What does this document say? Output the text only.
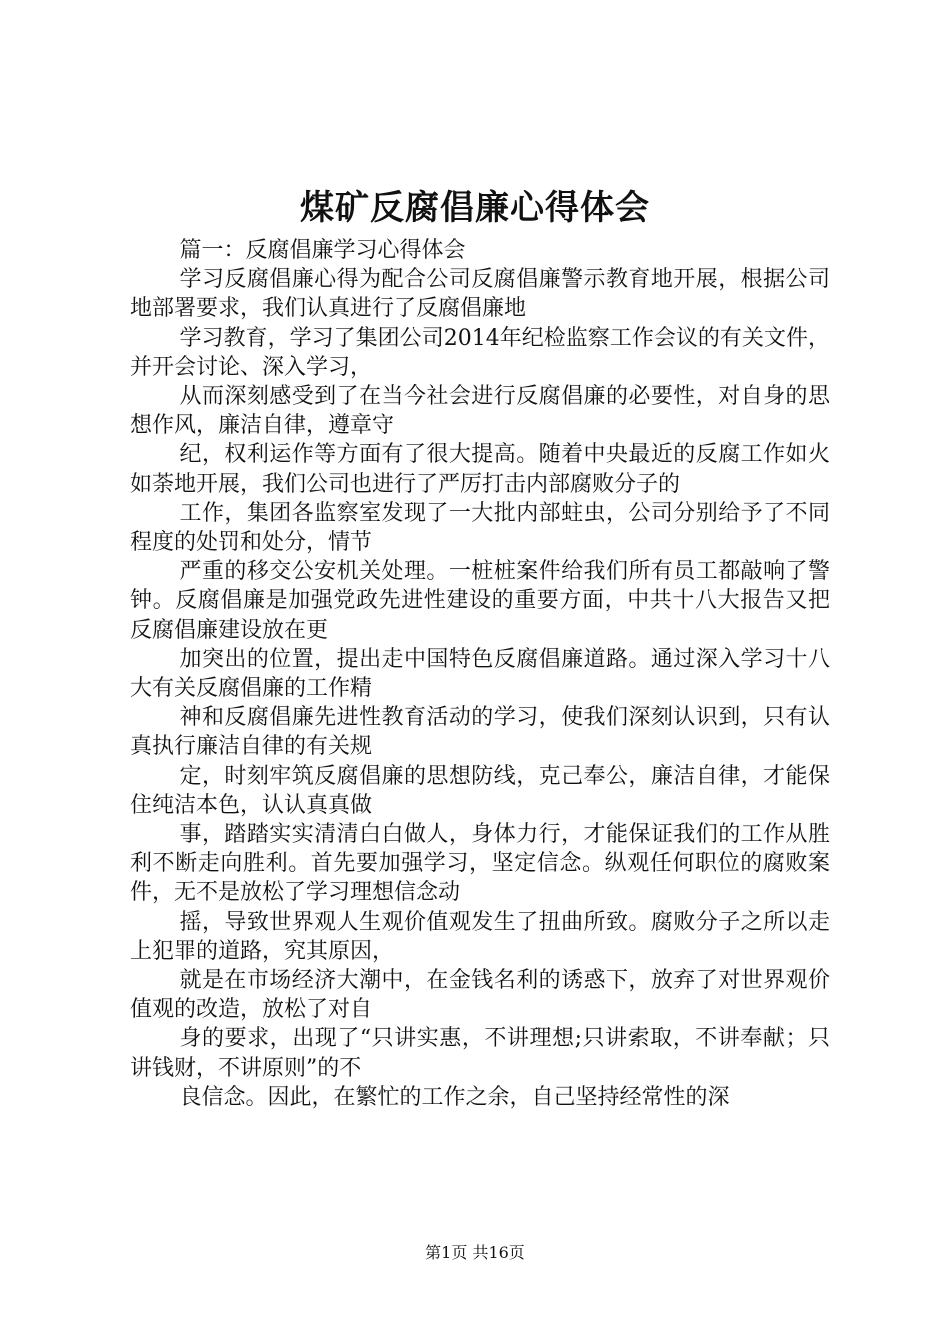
煤矿反腐倡廉心得体会

篇一：反腐倡廉学习心得体会

学习反腐倡廉心得为配合公司反腐倡廉警示教育地开展，根据公司地部署要求，我们认真进行了反腐倡廉地

学习教育，学习了集团公司2014年纪检监察工作会议的有关文件，并开会讨论、深入学习，

从而深刻感受到了在当今社会进行反腐倡廉的必要性，对自身的思想作风，廉洁自律，遵章守

纪，权利运作等方面有了很大提高。随着中央最近的反腐工作如火如荼地开展，我们公司也进行了严厉打击内部腐败分子的

工作，集团各监察室发现了一大批内部蛀虫，公司分别给予了不同程度的处罚和处分，情节

严重的移交公安机关处理。一桩桩案件给我们所有员工都敲响了警钟。反腐倡廉是加强党政先进性建设的重要方面，中共十八大报告又把反腐倡廉建设放在更

加突出的位置，提出走中国特色反腐倡廉道路。通过深入学习十八大有关反腐倡廉的工作精

神和反腐倡廉先进性教育活动的学习，使我们深刻认识到，只有认真执行廉洁自律的有关规

定，时刻牢筑反腐倡廉的思想防线，克己奉公，廉洁自律，才能保住纯洁本色，认认真真做

事，踏踏实实清清白白做人，身体力行，才能保证我们的工作从胜利不断走向胜利。首先要加强学习，坚定信念。纵观任何职位的腐败案件，无不是放松了学习理想信念动

摇，导致世界观人生观价值观发生了扭曲所致。腐败分子之所以走上犯罪的道路，究其原因，

就是在市场经济大潮中，在金钱名利的诱惑下，放弃了对世界观价值观的改造，放松了对自

身的要求，出现了“只讲实惠，不讲理想;只讲索取，不讲奉献；只讲钱财，不讲原则”的不

良信念。因此，在繁忙的工作之余，自己坚持经常性的深

第1页 共16页
